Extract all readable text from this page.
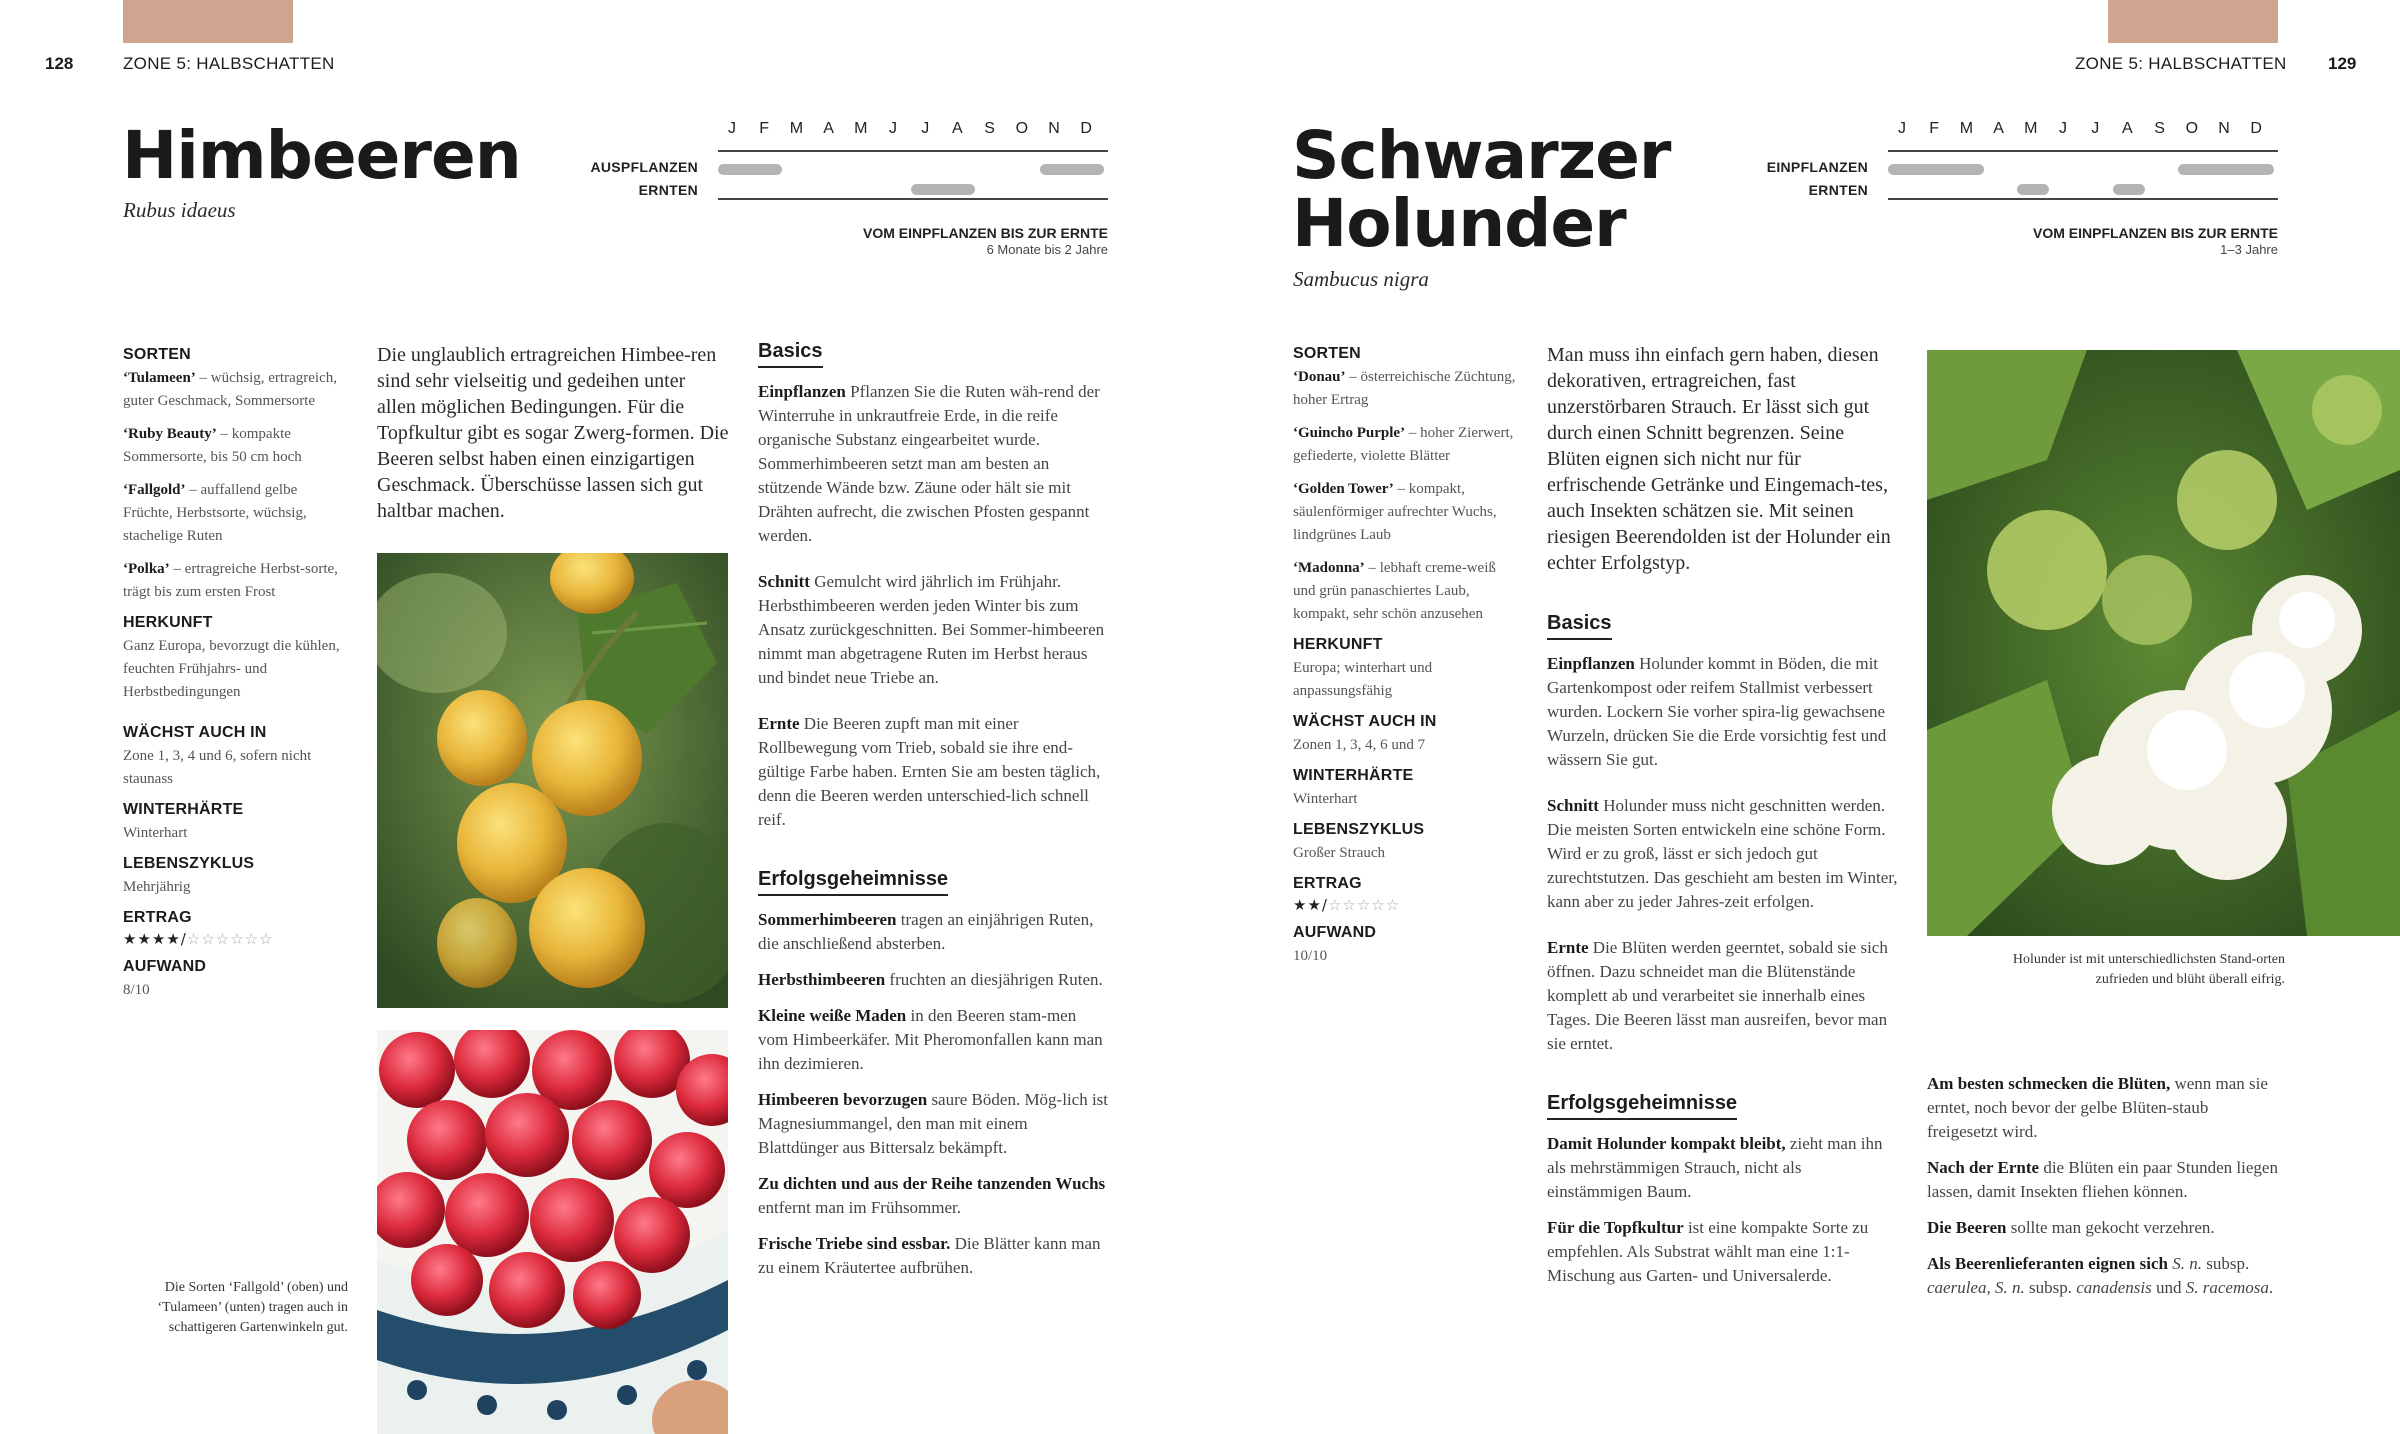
128	ZONE 5: HALBSCHATTEN
Himbeeren
Rubus idaeus
J	F	M	A	M	J	J	A	S	O	N	D
AUSPFLANZEN
ERNTEN
VOM EINPFLANZEN BIS ZUR ERNTE
6 Monate bis 2 Jahre
SORTEN
‘Tulameen’ – wüchsig, ertragreich, guter Geschmack, Sommersorte
‘Ruby Beauty’ – kompakte Sommersorte, bis 50 cm hoch
‘Fallgold’ – auffallend gelbe Früchte, Herbstsorte, wüchsig, stachelige Ruten
‘Polka’ – ertragreiche Herbst-sorte, trägt bis zum ersten Frost
HERKUNFT
Ganz Europa, bevorzugt die kühlen, feuchten Frühjahrs- und Herbstbedingungen
WÄCHST AUCH IN
Zone 1, 3, 4 und 6, sofern nicht staunass
WINTERHÄRTE
Winterhart
LEBENSZYKLUS
Mehrjährig
ERTRAG
★★★★/☆☆☆☆☆☆
AUFWAND
8/10
Die unglaublich ertragreichen Himbee-ren sind sehr vielseitig und gedeihen unter allen möglichen Bedingungen. Für die Topfkultur gibt es sogar Zwerg-formen. Die Beeren selbst haben einen einzigartigen Geschmack. Überschüsse lassen sich gut haltbar machen.
Die Sorten ‘Fallgold’ (oben) und ‘Tulameen’ (unten) tragen auch in schattigeren Gartenwinkeln gut.
Basics
Einpflanzen Pflanzen Sie die Ruten wäh-rend der Winterruhe in unkrautfreie Erde, in die reife organische Substanz eingearbeitet wurde. Sommerhimbeeren setzt man am besten an stützende Wände bzw. Zäune oder hält sie mit Drähten aufrecht, die zwischen Pfosten gespannt werden.
Schnitt Gemulcht wird jährlich im Frühjahr. Herbsthimbeeren werden jeden Winter bis zum Ansatz zurückgeschnitten. Bei Sommer-himbeeren nimmt man abgetragene Ruten im Herbst heraus und bindet neue Triebe an.
Ernte Die Beeren zupft man mit einer Rollbewegung vom Trieb, sobald sie ihre end-gültige Farbe haben. Ernten Sie am besten täglich, denn die Beeren werden unterschied-lich schnell reif.
Erfolgsgeheimnisse
Sommerhimbeeren tragen an einjährigen Ruten, die anschließend absterben.
Herbsthimbeeren fruchten an diesjährigen Ruten.
Kleine weiße Maden in den Beeren stam-men vom Himbeerkäfer. Mit Pheromonfallen kann man ihn dezimieren.
Himbeeren bevorzugen saure Böden. Mög-lich ist Magnesiummangel, den man mit einem Blattdünger aus Bittersalz bekämpft.
Zu dichten und aus der Reihe tanzenden Wuchs entfernt man im Frühsommer.
Frische Triebe sind essbar. Die Blätter kann man zu einem Kräutertee aufbrühen.
ZONE 5: HALBSCHATTEN 129
Schwarzer
Holunder
Sambucus nigra
J	F	M	A	M	J	J	A	S	O	N	D
EINPFLANZEN
ERNTEN
VOM EINPFLANZEN BIS ZUR ERNTE
1–3 Jahre
SORTEN
‘Donau’ – österreichische Züchtung, hoher Ertrag
‘Guincho Purple’ – hoher Zierwert, gefiederte, violette Blätter
‘Golden Tower’ – kompakt, säulenförmiger aufrechter Wuchs, lindgrünes Laub
‘Madonna’ – lebhaft creme-weiß und grün panaschiertes Laub, kompakt, sehr schön anzusehen
HERKUNFT
Europa; winterhart und anpassungsfähig
WÄCHST AUCH IN
Zonen 1, 3, 4, 6 und 7
WINTERHÄRTE
Winterhart
LEBENSZYKLUS
Großer Strauch
ERTRAG
★★/☆☆☆☆☆
AUFWAND
10/10
Man muss ihn einfach gern haben, diesen dekorativen, ertragreichen, fast unzerstörbaren Strauch. Er lässt sich gut durch einen Schnitt begrenzen. Seine Blüten eignen sich nicht nur für erfrischende Getränke und Eingemach-tes, auch Insekten schätzen sie. Mit seinen riesigen Beerendolden ist der Holunder ein echter Erfolgstyp.
Basics
Einpflanzen Holunder kommt in Böden, die mit Gartenkompost oder reifem Stallmist verbessert wurden. Lockern Sie vorher spira-lig gewachsene Wurzeln, drücken Sie die Erde vorsichtig fest und wässern Sie gut.
Schnitt Holunder muss nicht geschnitten werden. Die meisten Sorten entwickeln eine schöne Form. Wird er zu groß, lässt er sich jedoch gut zurechtstutzen. Das geschieht am besten im Winter, kann aber zu jeder Jahres-zeit erfolgen.
Ernte Die Blüten werden geerntet, sobald sie sich öffnen. Dazu schneidet man die Blütenstände komplett ab und verarbeitet sie innerhalb eines Tages. Die Beeren lässt man ausreifen, bevor man sie erntet.
Erfolgsgeheimnisse
Damit Holunder kompakt bleibt, zieht man ihn als mehrstämmigen Strauch, nicht als einstämmigen Baum.
Für die Topfkultur ist eine kompakte Sorte zu empfehlen. Als Substrat wählt man eine 1:1-Mischung aus Garten- und Universalerde.
Holunder ist mit unterschiedlichsten Stand-orten zufrieden und blüht überall eifrig.
Am besten schmecken die Blüten, wenn man sie erntet, noch bevor der gelbe Blüten-staub freigesetzt wird.
Nach der Ernte die Blüten ein paar Stunden liegen lassen, damit Insekten fliehen können.
Die Beeren sollte man gekocht verzehren.
Als Beerenlieferanten eignen sich S. n. subsp. caerulea, S. n. subsp. canadensis und S. racemosa.
